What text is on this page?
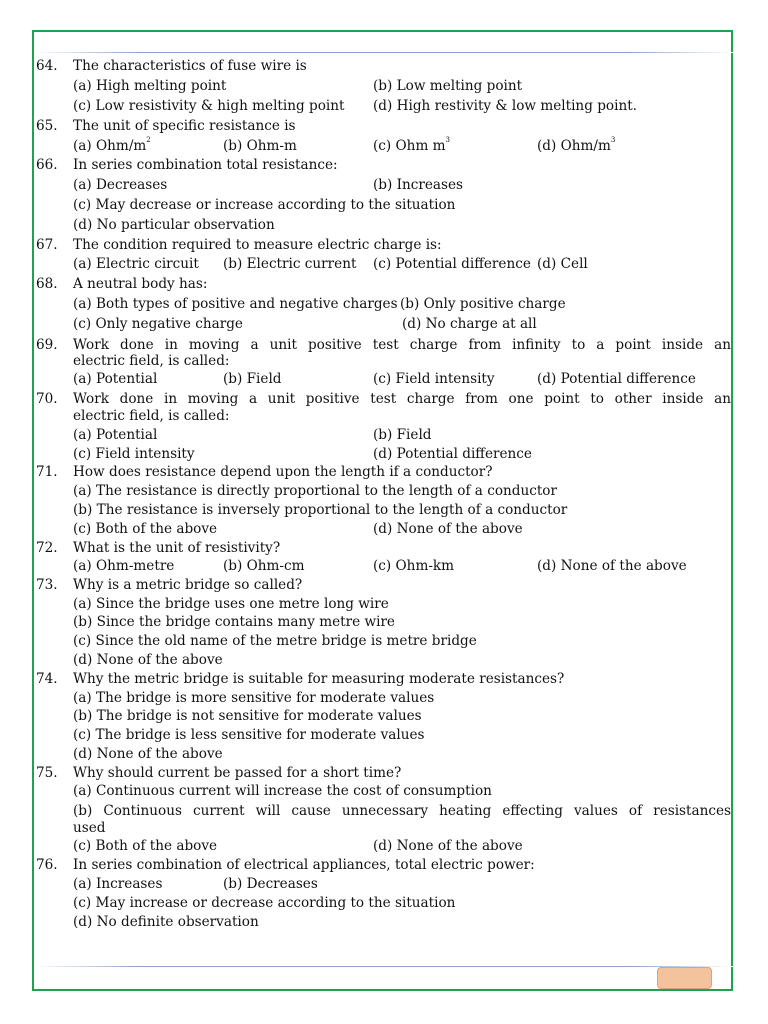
64. The characteristics of fuse wire is
(a) High melting point	(b) Low melting point
(c) Low resistivity & high melting point (d) High restivity & low melting point.
65. The unit of specific resistance is
(a) Ohm/$m^2$	(b) Ohm-m	(c) Ohm $m^3$	(d) Ohm/$m^3$
66. In series combination total resistance:
(a) Decreases	(b) Increases
(c) May decrease or increase according to the situation
(d) No particular observation
67. The condition required to measure electric charge is:
(a) Electric circuit (b) Electric current (c) Potential difference (d) Cell
68. A neutral body has:
(a) Both types of positive and negative charges (b) Only positive charge
(c) Only negative charge	(d) No charge at all
69. Work done in moving a unit positive test charge from infinity to a point inside an
electric field, is called:
(a) Potential	(b) Field	(c) Field intensity	(d) Potential difference
70. Work done in moving a unit positive test charge from one point to other inside an
electric field, is called:
(a) Potential	(b) Field
(c) Field intensity	(d) Potential difference
71. How does resistance depend upon the length if a conductor?
(a) The resistance is directly proportional to the length of a conductor
(b) The resistance is inversely proportional to the length of a conductor
(c) Both of the above	(d) None of the above
72. What is the unit of resistivity?
(a) Ohm-metre	(b) Ohm-cm	(c) Ohm-km	(d) None of the above
73. Why is a metric bridge so called?
(a) Since the bridge uses one metre long wire
(b) Since the bridge contains many metre wire
(c) Since the old name of the metre bridge is metre bridge
(d) None of the above
74. Why the metric bridge is suitable for measuring moderate resistances?
(a) The bridge is more sensitive for moderate values
(b) The bridge is not sensitive for moderate values
(c) The bridge is less sensitive for moderate values
(d) None of the above
75. Why should current be passed for a short time?
(a) Continuous current will increase the cost of consumption
(b) Continuous current will cause unnecessary heating effecting values of resistances
used
(c) Both of the above	(d) None of the above
76. In series combination of electrical appliances, total electric power:
(a) Increases	(b) Decreases
(c) May increase or decrease according to the situation
(d) No definite observation
